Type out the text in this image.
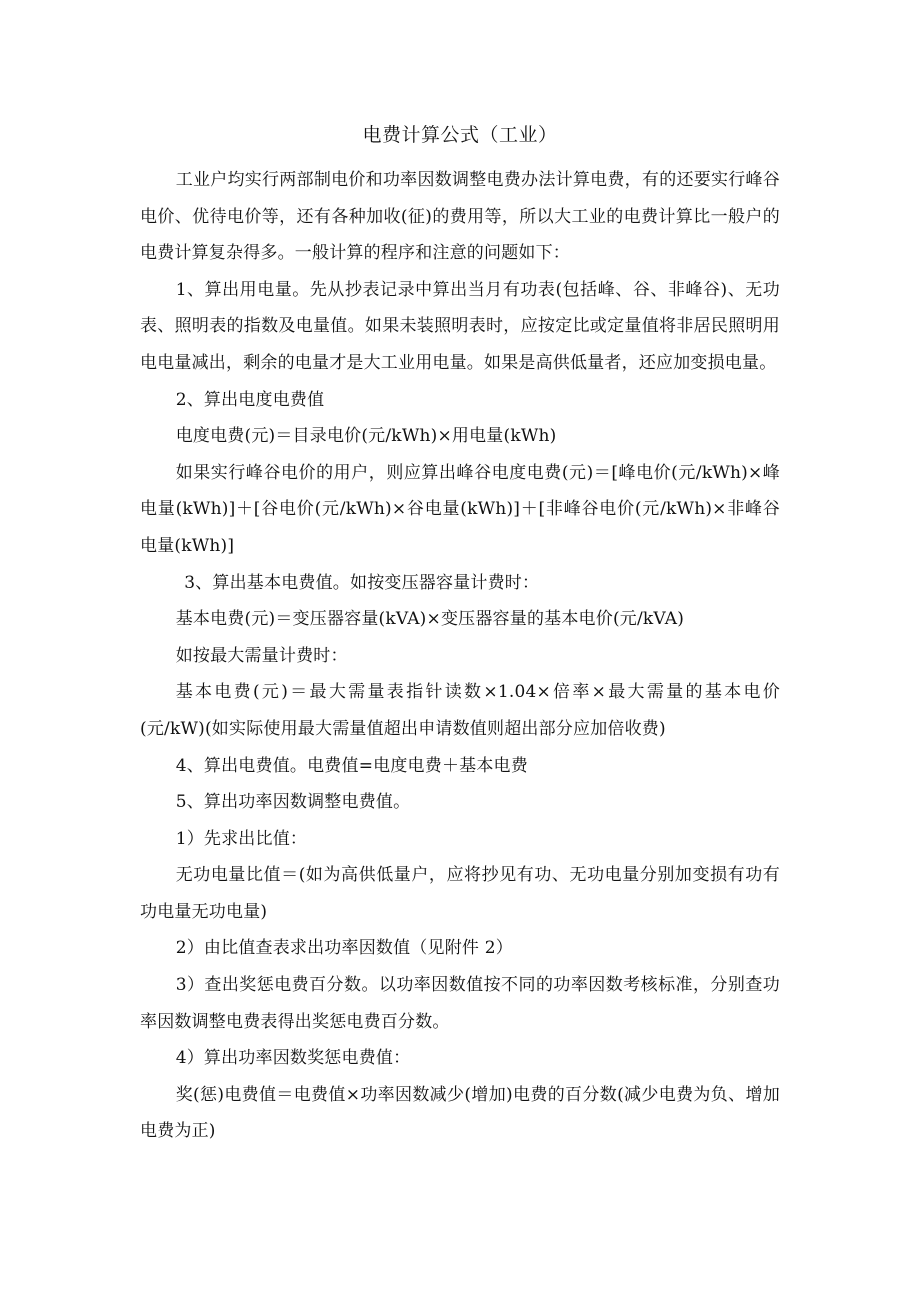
电费计算公式（工业）

工业户均实行两部制电价和功率因数调整电费办法计算电费，有的还要实行峰谷电价、优待电价等，还有各种加收(征)的费用等，所以大工业的电费计算比一般户的电费计算复杂得多。一般计算的程序和注意的问题如下：

1、算出用电量。先从抄表记录中算出当月有功表(包括峰、谷、非峰谷)、无功表、照明表的指数及电量值。如果未装照明表时，应按定比或定量值将非居民照明用电电量减出，剩余的电量才是大工业用电量。如果是高供低量者，还应加变损电量。

2、算出电度电费值

电度电费(元)＝目录电价(元/kWh)×用电量(kWh)

如果实行峰谷电价的用户，则应算出峰谷电度电费(元)＝[峰电价(元/kWh)×峰电量(kWh)]＋[谷电价(元/kWh)×谷电量(kWh)]＋[非峰谷电价(元/kWh)×非峰谷电量(kWh)]

3、算出基本电费值。如按变压器容量计费时：

基本电费(元)＝变压器容量(kVA)×变压器容量的基本电价(元/kVA)

如按最大需量计费时：

基本电费(元)＝最大需量表指针读数×1.04×倍率×最大需量的基本电价(元/kW)(如实际使用最大需量值超出申请数值则超出部分应加倍收费)

4、算出电费值。电费值=电度电费＋基本电费

5、算出功率因数调整电费值。

1）先求出比值：

无功电量比值＝(如为高供低量户，应将抄见有功、无功电量分别加变损有功有功电量无功电量)

2）由比值查表求出功率因数值（见附件 2）

3）查出奖惩电费百分数。以功率因数值按不同的功率因数考核标准，分别查功率因数调整电费表得出奖惩电费百分数。

4）算出功率因数奖惩电费值：

奖(惩)电费值＝电费值×功率因数减少(增加)电费的百分数(减少电费为负、增加电费为正)
